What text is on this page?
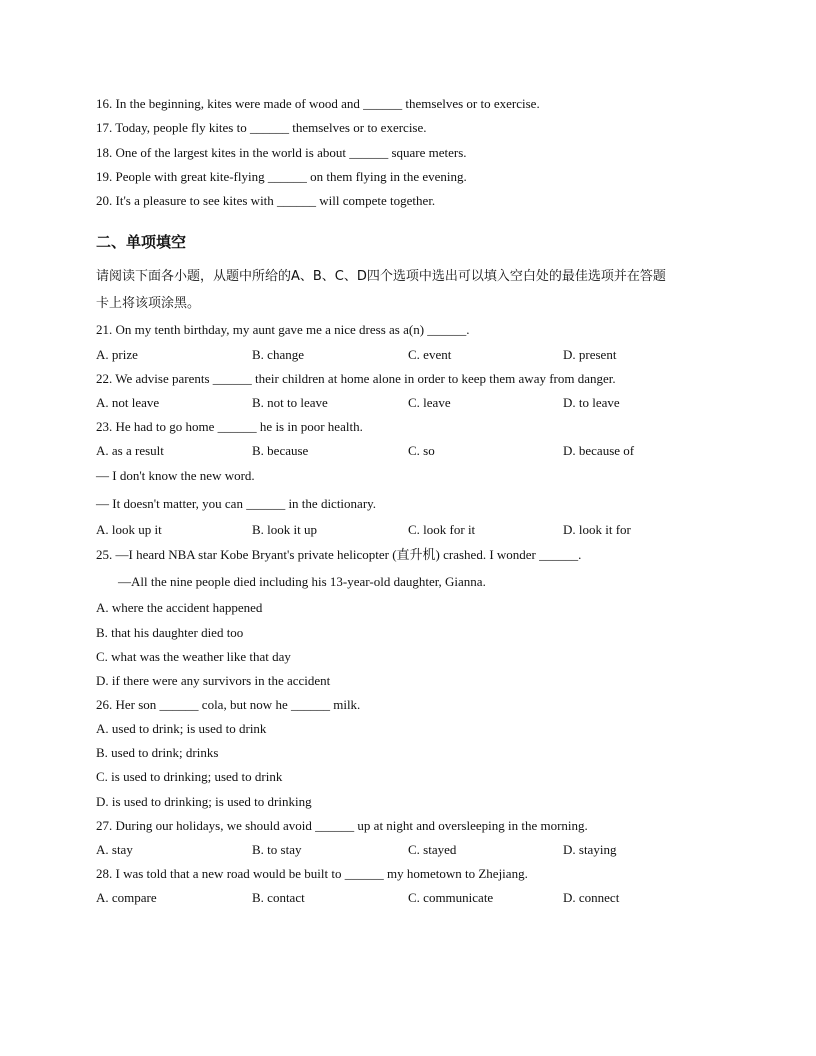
16. In the beginning, kites were made of wood and ______ themselves or to exercise.
17. Today, people fly kites to ______ themselves or to exercise.
18. One of the largest kites in the world is about ______ square meters.
19. People with great kite-flying ______ on them flying in the evening.
20. It's a pleasure to see kites with ______ will compete together.
二、单项填空
请阅读下面各小题，从题中所给的A、B、C、D四个选项中选出可以填入空白处的最佳选项并在答题
卡上将该项涂黑。
21. On my tenth birthday, my aunt gave me a nice dress as a(n) ______.
A. prize	B. change	C. event	D. present
22. We advise parents ______ their children at home alone in order to keep them away from danger.
A. not leave	B. not to leave	C. leave	D. to leave
23. He had to go home ______ he is in poor health.
A. as a result	B. because	C. so	D. because of
— I don't know the new word.
— It doesn't matter, you can ______ in the dictionary.
A. look up it	B. look it up	C. look for it	D. look it for
25. —I heard NBA star Kobe Bryant's private helicopter (直升机) crashed. I wonder ______.
—All the nine people died including his 13-year-old daughter, Gianna.
A. where the accident happened
B. that his daughter died too
C. what was the weather like that day
D. if there were any survivors in the accident
26. Her son ______ cola, but now he ______ milk.
A. used to drink; is used to drink
B. used to drink; drinks
C. is used to drinking; used to drink
D. is used to drinking; is used to drinking
27. During our holidays, we should avoid ______ up at night and oversleeping in the morning.
A. stay	B. to stay	C. stayed	D. staying
28. I was told that a new road would be built to ______ my hometown to Zhejiang.
A. compare	B. contact	C. communicate	D. connect
